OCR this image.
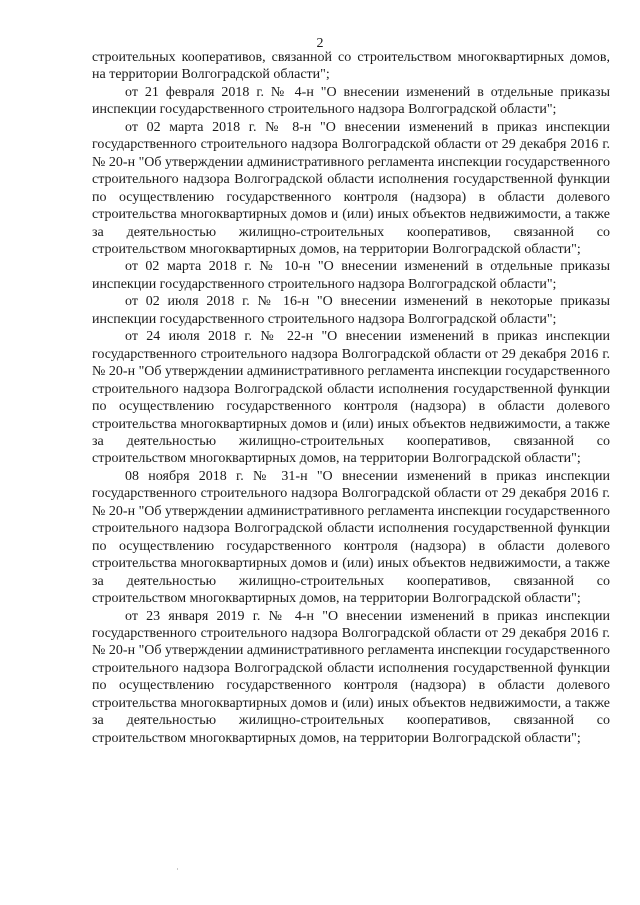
2

строительных кооперативов, связанной со строительством многоквартирных домов, на территории Волгоградской области";

от 21 февраля 2018 г. № 4-н "О внесении изменений в отдельные приказы инспекции государственного строительного надзора Волгоградской области";

от 02 марта 2018 г. № 8-н "О внесении изменений в приказ инспекции государственного строительного надзора Волгоградской области от 29 декабря 2016 г. № 20-н "Об утверждении административного регламента инспекции государственного строительного надзора Волгоградской области исполнения государственной функции по осуществлению государственного контроля (надзора) в области долевого строительства многоквартирных домов и (или) иных объектов недвижимости, а также за деятельностью жилищно-строительных кооперативов, связанной со строительством многоквартирных домов, на территории Волгоградской области";

от 02 марта 2018 г. № 10-н "О внесении изменений в отдельные приказы инспекции государственного строительного надзора Волгоградской области";

от 02 июля 2018 г. № 16-н "О внесении изменений в некоторые приказы инспекции государственного строительного надзора Волгоградской области";

от 24 июля 2018 г. № 22-н "О внесении изменений в приказ инспекции государственного строительного надзора Волгоградской области от 29 декабря 2016 г. № 20-н "Об утверждении административного регламента инспекции государственного строительного надзора Волгоградской области исполнения государственной функции по осуществлению государственного контроля (надзора) в области долевого строительства многоквартирных домов и (или) иных объектов недвижимости, а также за деятельностью жилищно-строительных кооперативов, связанной со строительством многоквартирных домов, на территории Волгоградской области";

08 ноября 2018 г. № 31-н "О внесении изменений в приказ инспекции государственного строительного надзора Волгоградской области от 29 декабря 2016 г. № 20-н "Об утверждении административного регламента инспекции государственного строительного надзора Волгоградской области исполнения государственной функции по осуществлению государственного контроля (надзора) в области долевого строительства многоквартирных домов и (или) иных объектов недвижимости, а также за деятельностью жилищно-строительных кооперативов, связанной со строительством многоквартирных домов, на территории Волгоградской области";

от 23 января 2019 г. № 4-н "О внесении изменений в приказ инспекции государственного строительного надзора Волгоградской области от 29 декабря 2016 г. № 20-н "Об утверждении административного регламента инспекции государственного строительного надзора Волгоградской области исполнения государственной функции по осуществлению государственного контроля (надзора) в области долевого строительства многоквартирных домов и (или) иных объектов недвижимости, а также за деятельностью жилищно-строительных кооперативов, связанной со строительством многоквартирных домов, на территории Волгоградской области";
